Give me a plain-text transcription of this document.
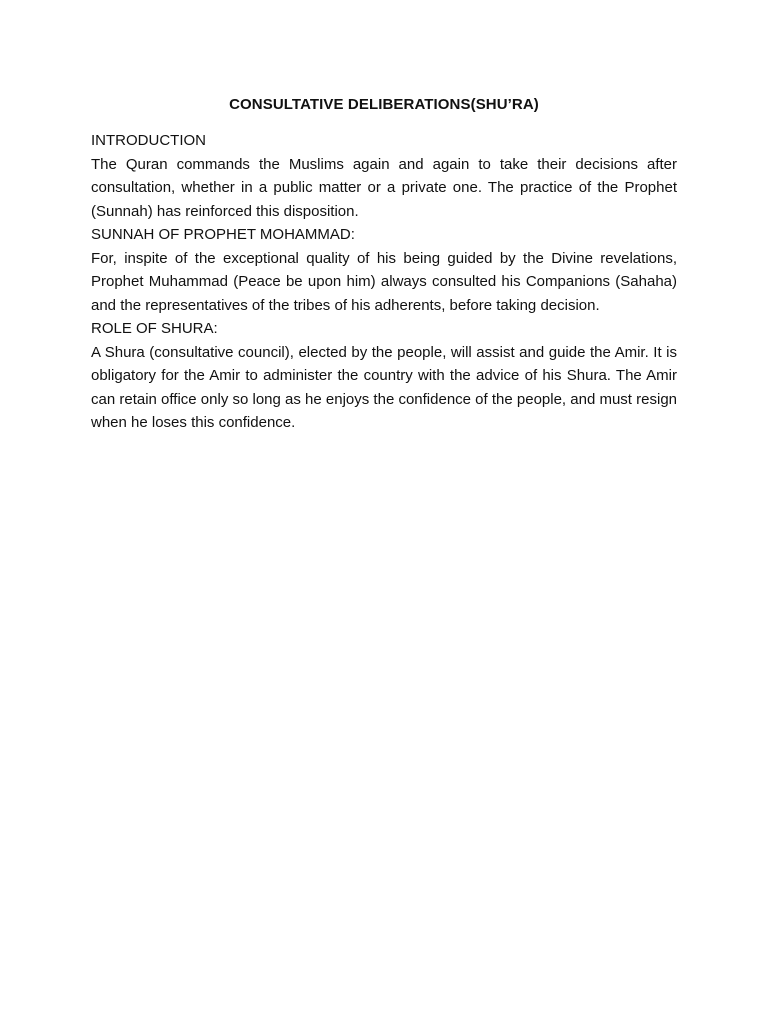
CONSULTATIVE DELIBERATIONS(SHU’RA)
INTRODUCTION
The Quran commands the Muslims again and again to take their decisions after consultation, whether in a public matter or a private one. The practice of the Prophet (Sunnah) has reinforced this disposition.
SUNNAH OF PROPHET MOHAMMAD:
For, inspite of the exceptional quality of his being guided by the Divine revelations, Prophet Muhammad (Peace be upon him) always consulted his Companions (Sahaha) and the representatives of the tribes of his adherents, before taking decision.
ROLE OF SHURA:
A Shura (consultative council), elected by the people, will assist and guide the Amir. It is obligatory for the Amir to administer the country with the advice of his Shura. The Amir can retain office only so long as he enjoys the confidence of the people, and must resign when he loses this confidence.
